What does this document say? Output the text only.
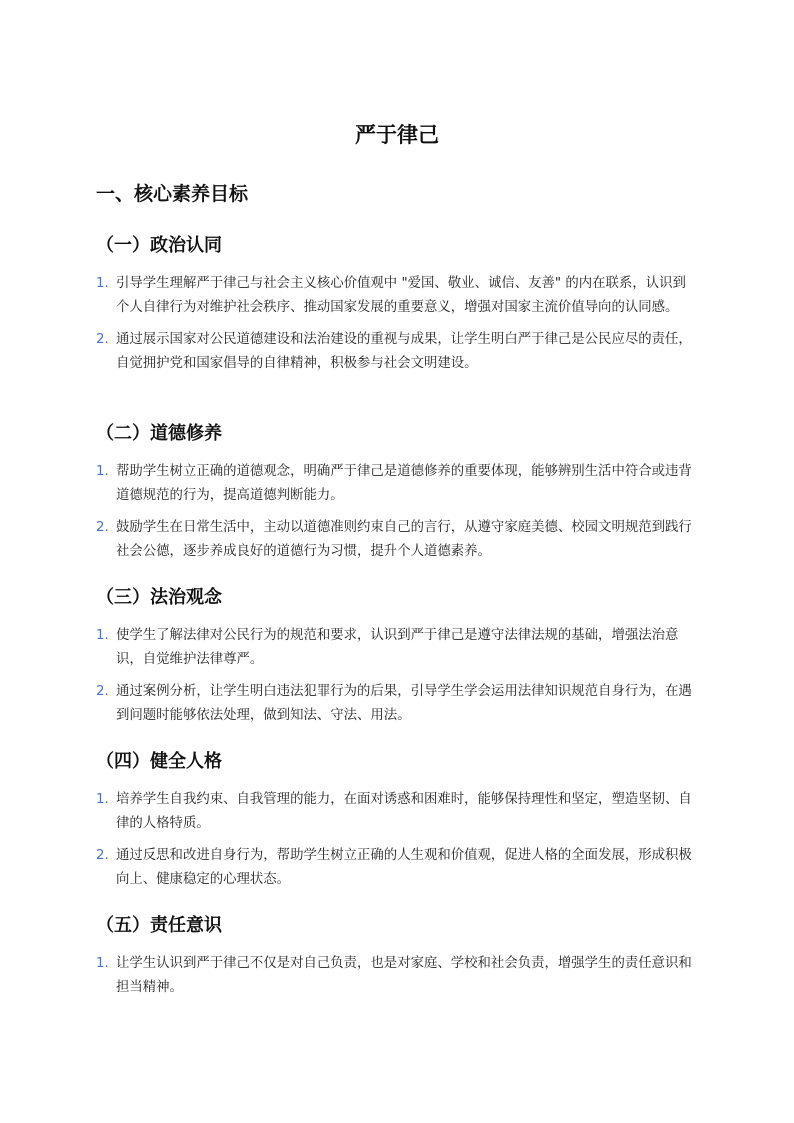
严于律己
一、核心素养目标
（一）政治认同
1. 引导学生理解严于律己与社会主义核心价值观中 "爱国、敬业、诚信、友善" 的内在联系，认识到个人自律行为对维护社会秩序、推动国家发展的重要意义，增强对国家主流价值导向的认同感。
2. 通过展示国家对公民道德建设和法治建设的重视与成果，让学生明白严于律己是公民应尽的责任，自觉拥护党和国家倡导的自律精神，积极参与社会文明建设。
（二）道德修养
1. 帮助学生树立正确的道德观念，明确严于律己是道德修养的重要体现，能够辨别生活中符合或违背道德规范的行为，提高道德判断能力。
2. 鼓励学生在日常生活中，主动以道德准则约束自己的言行，从遵守家庭美德、校园文明规范到践行社会公德，逐步养成良好的道德行为习惯，提升个人道德素养。
（三）法治观念
1. 使学生了解法律对公民行为的规范和要求，认识到严于律己是遵守法律法规的基础，增强法治意识，自觉维护法律尊严。
2. 通过案例分析，让学生明白违法犯罪行为的后果，引导学生学会运用法律知识规范自身行为，在遇到问题时能够依法处理，做到知法、守法、用法。
（四）健全人格
1. 培养学生自我约束、自我管理的能力，在面对诱惑和困难时，能够保持理性和坚定，塑造坚韧、自律的人格特质。
2. 通过反思和改进自身行为，帮助学生树立正确的人生观和价值观，促进人格的全面发展，形成积极向上、健康稳定的心理状态。
（五）责任意识
1. 让学生认识到严于律己不仅是对自己负责，也是对家庭、学校和社会负责，增强学生的责任意识和担当精神。
